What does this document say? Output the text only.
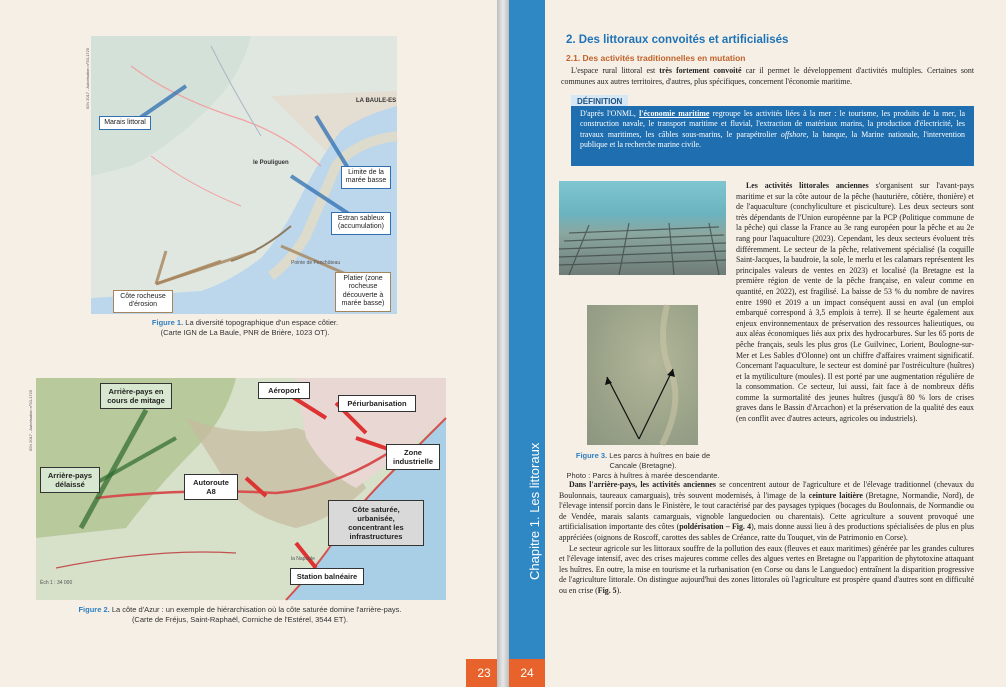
LA BAULE-ES
le Pouliguen
Pointe de Penchâteau
IGN 2017 - Autorisation n°50-1725
Marais littoral
Limite de la marée basse
Estran sableux (accumulation)
Platier (zone rocheuse découverte à marée basse)
Côte rocheuse d'érosion
Figure 1. La diversité topographique d'un espace côtier.
(Carte IGN de La Baule, PNR de Brière, 1023 OT).
la Napoule
Éch 1 : 34 000
IGN 2017 - Autorisation n°50-1725	Arrière-pays en cours de mitage
Aéroport
Périurbanisation
Zone industrielle
Arrière-pays délaissé	Autoroute A8
Côte saturée, urbanisée, concentrant les infrastructures
Station balnéaire
Figure 2. La côte d'Azur : un exemple de hiérarchisation où la côte saturée domine l'arrière-pays.
(Carte de Fréjus, Saint-Raphaël, Corniche de l'Estérel, 3544 ET).
23
Chapitre 1. Les littoraux
24
2. Des littoraux convoités et artificialisés
2.1. Des activités traditionnelles en mutation

L'espace rural littoral est très fortement convoité car il permet le développement d'activités multiples. Certaines sont communes aux autres territoires, d'autres, plus spécifiques, concernent l'économie maritime.

DÉFINITION
D'après l'ONML, l'économie maritime regroupe les activités liées à la mer : le tourisme, les produits de la mer, la construction navale, le transport maritime et fluvial, l'extraction de matériaux marins, la production d'électricité, les travaux maritimes, les câbles sous-marins, le parapétrolier offshore, la banque, la Marine nationale, l'intervention publique et la recherche marine civile.
Figure 3. Les parcs à huîtres en baie de Cancale (Bretagne).
Photo : Parcs à huîtres à marée descendante.

Les activités littorales anciennes s'organisent sur l'avant-pays maritime et sur la côte autour de la pêche (hauturière, côtière, thonière) et de l'aquaculture (conchyliculture et pisciculture). Les deux secteurs sont très dépendants de l'Union européenne par la PCP (Politique commune de la pêche) qui classe la France au 3e rang européen pour la pêche et au 2e rang pour l'aquaculture (2023). Cependant, les deux secteurs évoluent très différemment. Le secteur de la pêche, relativement spécialisé (la coquille Saint-Jacques, la baudroie, la sole, le merlu et les calamars représentent les principales valeurs de ventes en 2023) et localisé (la Bretagne est la première région de vente de la pêche française, en valeur comme en quantité, en 2022), est fragilisé. La baisse de 53 % du nombre de navires entre 1990 et 2019 a un impact conséquent aussi en aval (un emploi embarqué correspond à 3,5 emplois à terre). Il se heurte également aux enjeux environnementaux de préservation des ressources halieutiques, ou aux aléas économiques liés aux prix des hydrocarbures. Sur les 65 ports de pêche français, seuls les plus gros (Le Guilvinec, Lorient, Boulogne-sur-Mer et Les Sables d'Olonne) ont un chiffre d'affaires vraiment significatif. Concernant l'aquaculture, le secteur est dominé par l'ostréiculture (huîtres) et la mytiliculture (moules). Il est porté par une augmentation régulière de la consommation. Ce secteur, lui aussi, fait face à de nombreux défis comme la surmortalité des jeunes huîtres (jusqu'à 80 % lors de crises graves dans le Bassin d'Arcachon) et la préservation de la qualité des eaux (en conflit avec d'autres acteurs, agricoles ou industriels).

Dans l'arrière-pays, les activités anciennes se concentrent autour de l'agriculture et de l'élevage traditionnel (chevaux du Boulonnais, taureaux camarguais), très souvent modernisés, à l'image de la ceinture laitière (Bretagne, Normandie, Nord), de l'élevage intensif porcin dans le Finistère, le tout caractérisé par des paysages typiques (bocages du Boulonnais, de Normandie ou de Vendée, marais salants camarguais, vignoble languedocien ou charentais). Cette agriculture a souvent provoqué une artificialisation importante des côtes (poldérisation – Fig. 4), mais donne aussi lieu à des productions spécialisées de plus en plus appréciées (oignons de Roscoff, carottes des sables de Créance, ratte du Touquet, vin de Patrimonio en Corse).

Le secteur agricole sur les littoraux souffre de la pollution des eaux (fleuves et eaux maritimes) générée par les grandes cultures et l'élevage intensif, avec des crises majeures comme celles des algues vertes en Bretagne ou l'apparition de phytotoxine attaquant les huîtres. En outre, la mise en tourisme et la rurbanisation (en Corse ou dans le Languedoc) entraînent la disparition progressive de l'agriculture littorale. On distingue aujourd'hui des zones littorales où l'agriculture est prospère quand d'autres sont en difficulté ou en crise (Fig. 5).
